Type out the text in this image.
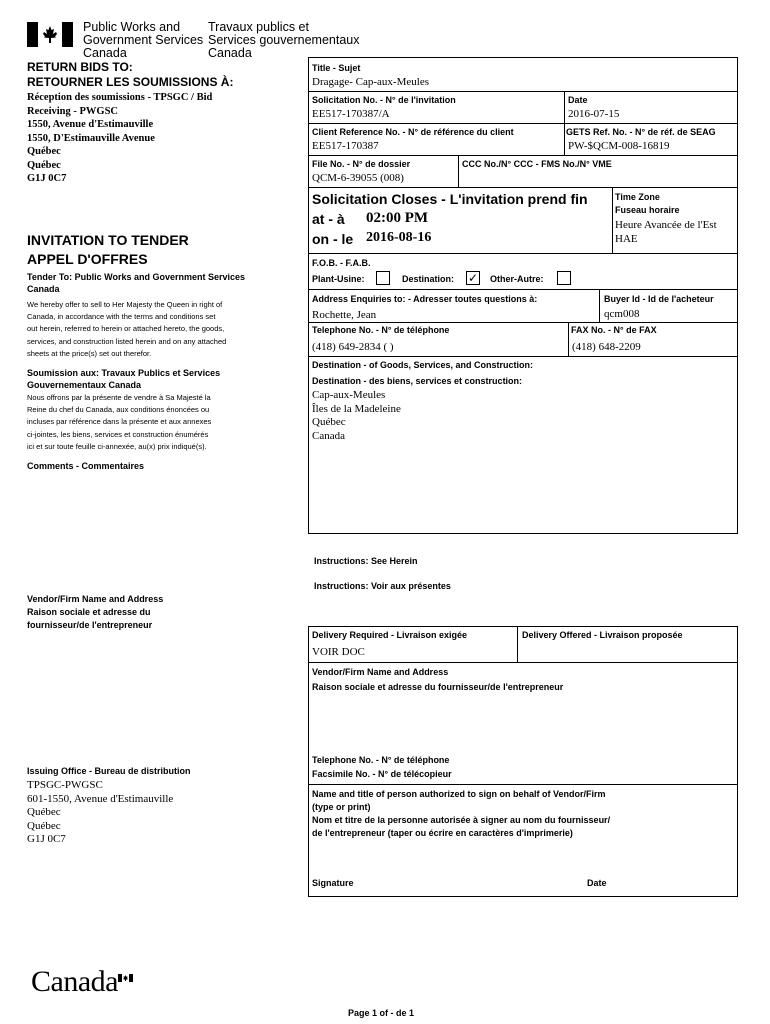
Public Works and
Government Services
Canada
Travaux publics et
Services gouvernementaux
Canada
RETURN BIDS TO:
RETOURNER LES SOUMISSIONS À:
Réception des soumissions - TPSGC / Bid
Receiving - PWGSC
1550, Avenue d'Estimauville
1550, D'Estimauville Avenue
Québec
Québec
G1J 0C7
INVITATION TO TENDER
APPEL D'OFFRES
Tender To: Public Works and Government Services Canada
We hereby offer to sell to Her Majesty the Queen in right of
Canada, in accordance with the terms and conditions set
out herein, referred to herein or attached hereto, the goods,
services, and construction listed herein and on any attached
sheets at the price(s) set out therefor.
Soumission aux: Travaux Publics et Services
Gouvernementaux Canada
Nous offrons par la présente de vendre à Sa Majesté la
Reine du chef du Canada, aux conditions énoncées ou
incluses par référence dans la présente et aux annexes
ci-jointes, les biens, services et construction énumérés
ici et sur toute feuille ci-annexée, au(x) prix indiqué(s).
Comments - Commentaires
Vendor/Firm Name and Address
Raison sociale et adresse du
fournisseur/de l'entrepreneur
Issuing Office - Bureau de distribution
TPSGC-PWGSC
601-1550, Avenue d'Estimauville
Québec
Québec
G1J 0C7
Title - Sujet
Dragage- Cap-aux-Meules
Solicitation No. - N° de l'invitation
EE517-170387/A
Date
2016-07-15
Client Reference No. - N° de référence du client
EE517-170387
GETS Ref. No. - N° de réf. de SEAG
PW-$QCM-008-16819
File No. - N° de dossier
QCM-6-39055 (008)
CCC No./N° CCC - FMS No./N° VME
Solicitation Closes - L'invitation prend fin
at - à 02:00 PM
on - le 2016-08-16
Time Zone
Fuseau horaire
Heure Avancée de l'Est
HAE
F.O.B. - F.A.B.
Plant-Usine:	Destination: ✓ Other-Autre:
Address Enquiries to: - Adresser toutes questions à:
Rochette, Jean
Buyer Id - Id de l'acheteur
qcm008
Telephone No. - N° de téléphone
(418) 649-2834 ( )
FAX No. - N° de FAX
(418) 648-2209
Destination - of Goods, Services, and Construction:
Destination - des biens, services et construction:
Cap-aux-Meules
Îles de la Madeleine
Québec
Canada
Instructions: See Herein
Instructions: Voir aux présentes
Delivery Required - Livraison exigée
VOIR DOC
Delivery Offered - Livraison proposée
Vendor/Firm Name and Address
Raison sociale et adresse du fournisseur/de l'entrepreneur
Telephone No. - N° de téléphone
Facsimile No. - N° de télécopieur
Name and title of person authorized to sign on behalf of Vendor/Firm
(type or print)
Nom et titre de la personne autorisée à signer au nom du fournisseur/
de l'entrepreneur (taper ou écrire en caractères d'imprimerie)
Signature	Date
Canada
Page 1 of - de 1
